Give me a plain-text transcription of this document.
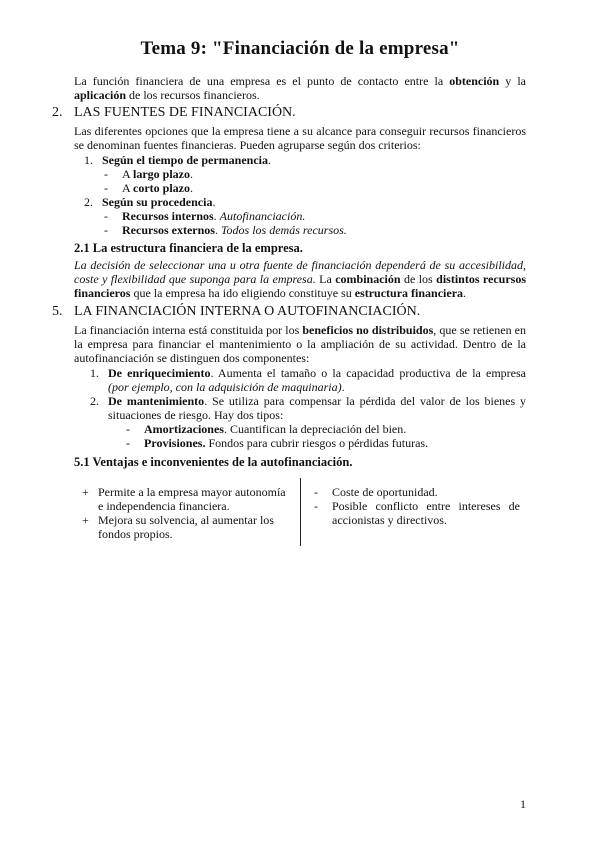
Tema 9: "Financiación de la empresa"
La función financiera de una empresa es el punto de contacto entre la obtención y la aplicación de los recursos financieros.
2. LAS FUENTES DE FINANCIACIÓN.
Las diferentes opciones que la empresa tiene a su alcance para conseguir recursos financieros se denominan fuentes financieras. Pueden agruparse según dos criterios:
1. Según el tiempo de permanencia.
- A largo plazo.
- A corto plazo.
2. Según su procedencia.
- Recursos internos. Autofinanciación.
- Recursos externos. Todos los demás recursos.
2.1 La estructura financiera de la empresa.
La decisión de seleccionar una u otra fuente de financiación dependerá de su accesibilidad, coste y flexibilidad que suponga para la empresa. La combinación de los distintos recursos financieros que la empresa ha ido eligiendo constituye su estructura financiera.
5. LA FINANCIACIÓN INTERNA O AUTOFINANCIACIÓN.
La financiación interna está constituida por los beneficios no distribuidos, que se retienen en la empresa para financiar el mantenimiento o la ampliación de su actividad. Dentro de la autofinanciación se distinguen dos componentes:
1. De enriquecimiento. Aumenta el tamaño o la capacidad productiva de la empresa (por ejemplo, con la adquisición de maquinaria).
2. De mantenimiento. Se utiliza para compensar la pérdida del valor de los bienes y situaciones de riesgo. Hay dos tipos:
- Amortizaciones. Cuantifican la depreciación del bien.
- Provisiones. Fondos para cubrir riesgos o pérdidas futuras.
5.1 Ventajas e inconvenientes de la autofinanciación.
+ Permite a la empresa mayor autonomía e independencia financiera.
+ Mejora su solvencia, al aumentar los fondos propios.
- Coste de oportunidad.
- Posible conflicto entre intereses de accionistas y directivos.
1
